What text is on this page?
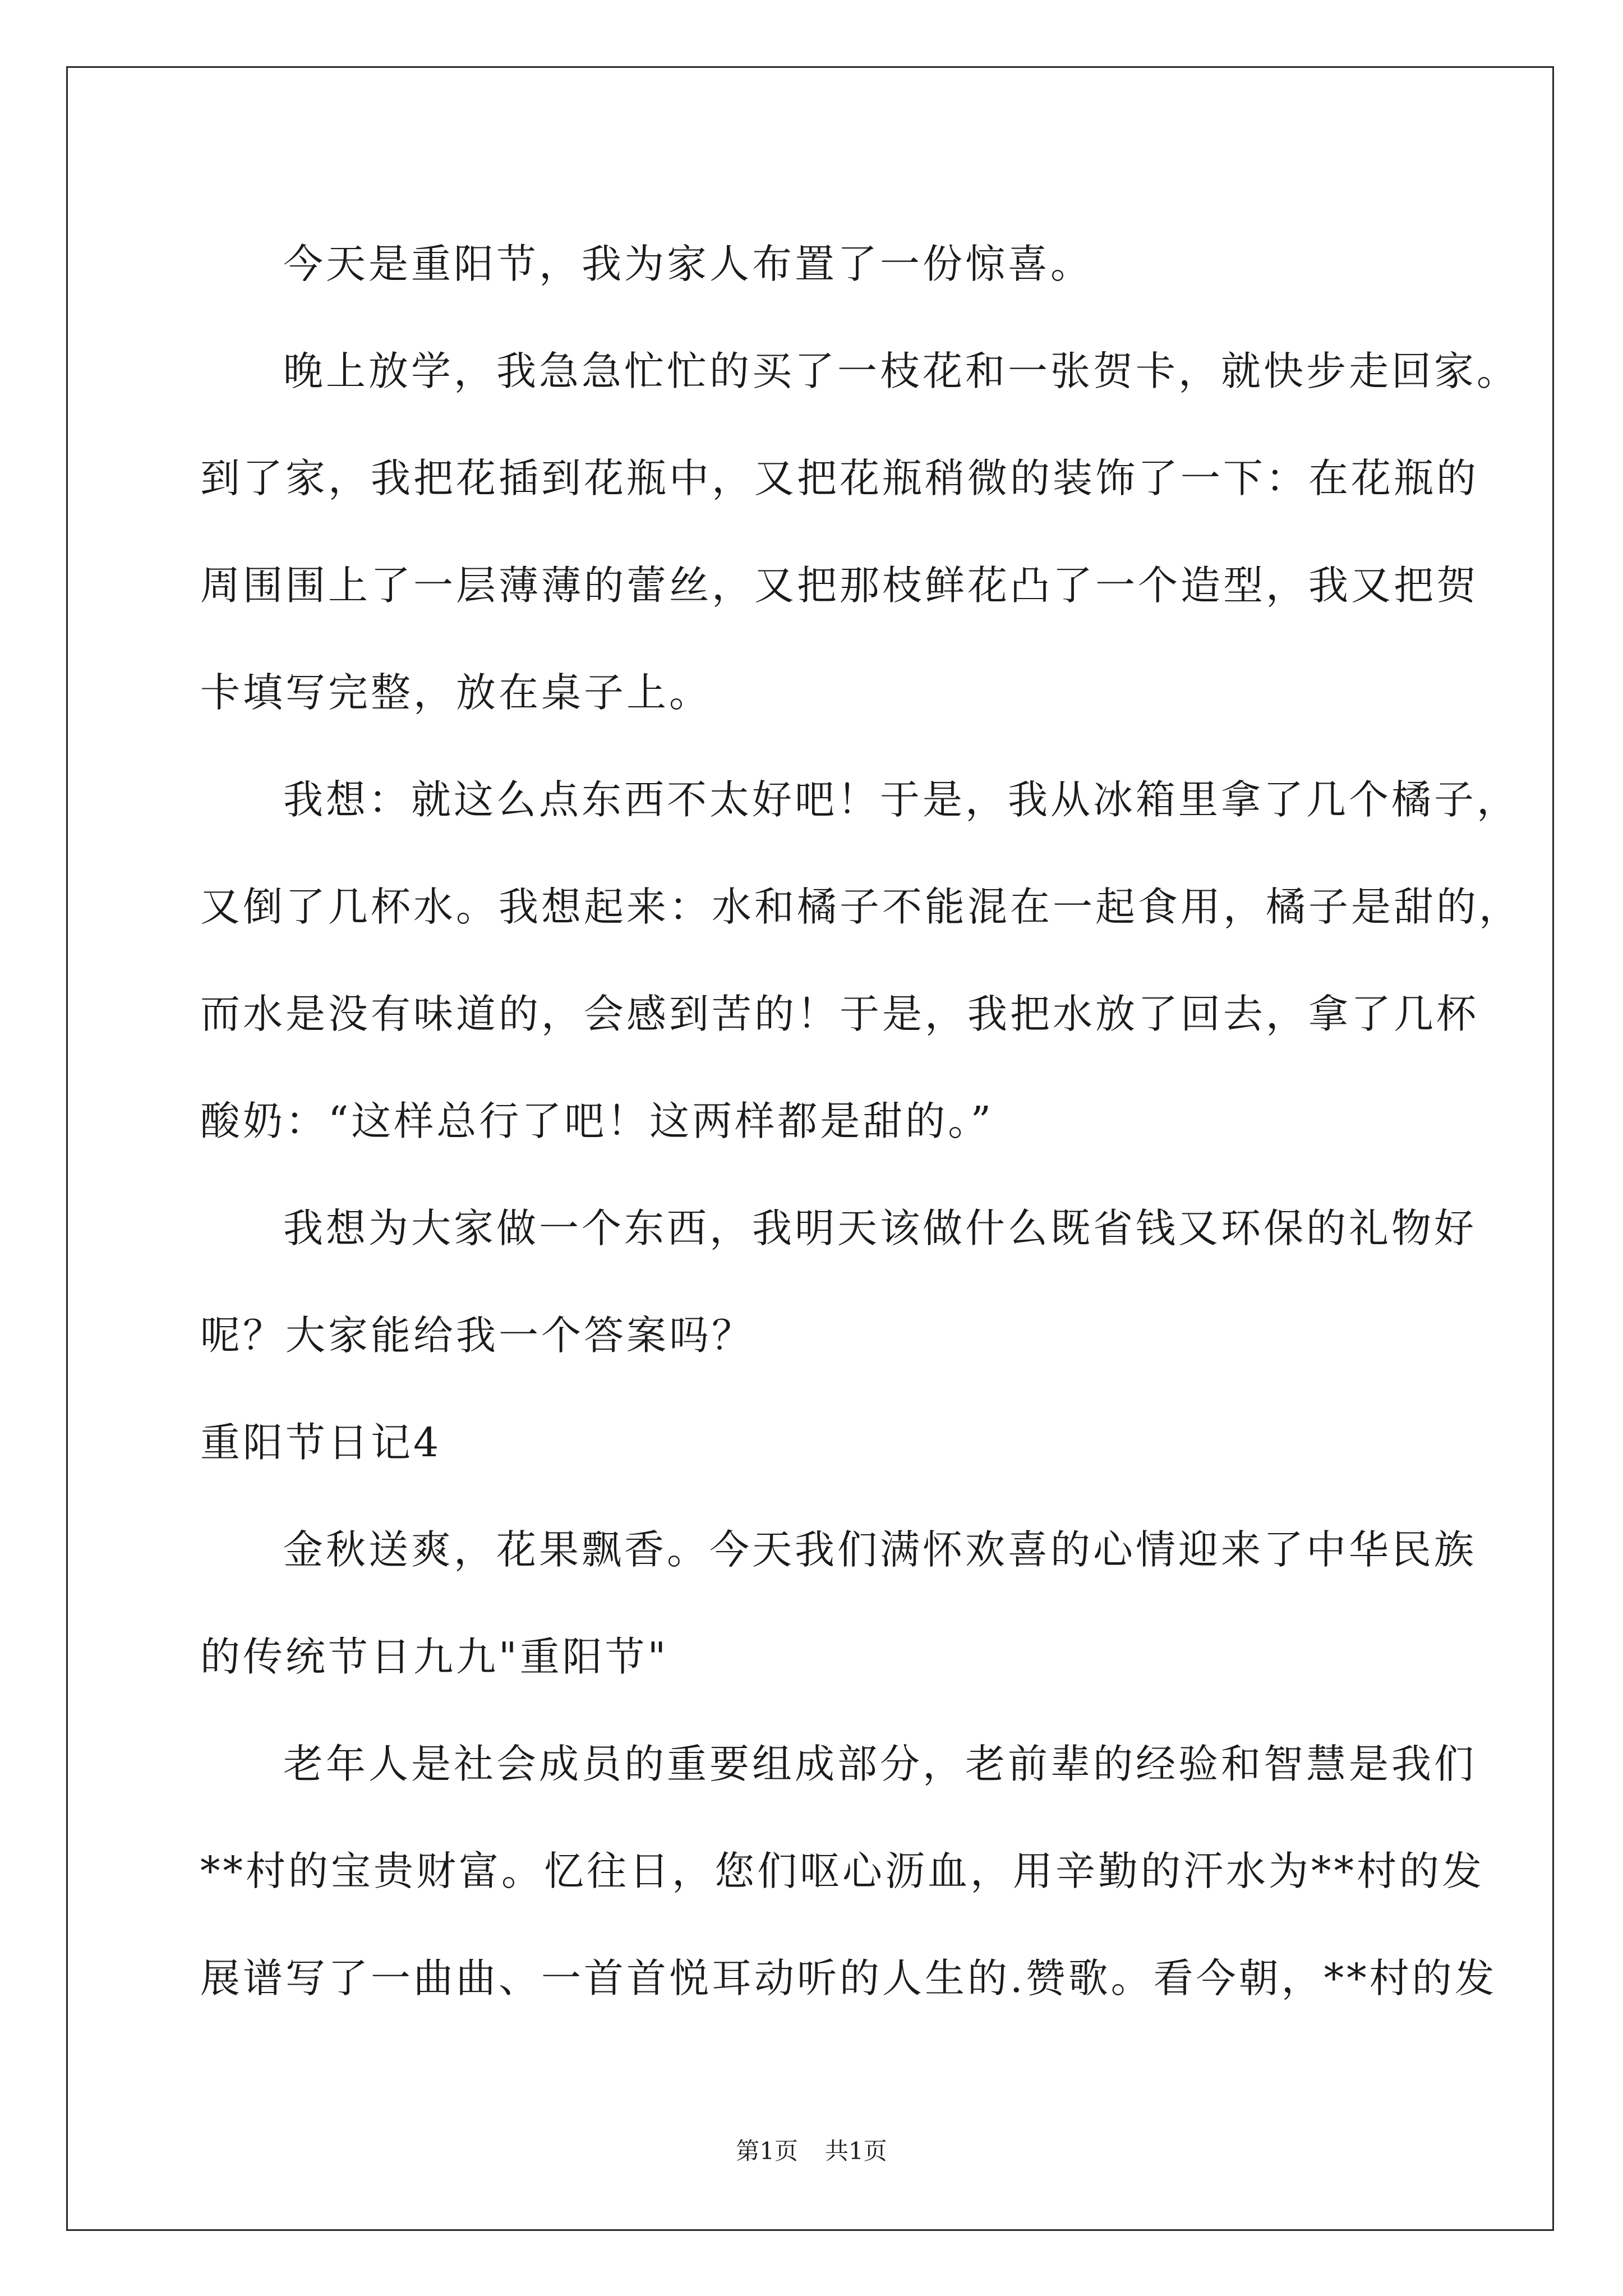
今天是重阳节，我为家人布置了一份惊喜。

晚上放学，我急急忙忙的买了一枝花和一张贺卡，就快步走回家。

到了家，我把花插到花瓶中，又把花瓶稍微的装饰了一下：在花瓶的

周围围上了一层薄薄的蕾丝，又把那枝鲜花凸了一个造型，我又把贺

卡填写完整，放在桌子上。

我想：就这么点东西不太好吧！于是，我从冰箱里拿了几个橘子，

又倒了几杯水。我想起来：水和橘子不能混在一起食用，橘子是甜的，

而水是没有味道的，会感到苦的！于是，我把水放了回去，拿了几杯

酸奶：“这样总行了吧！这两样都是甜的。”

我想为大家做一个东西，我明天该做什么既省钱又环保的礼物好

呢？大家能给我一个答案吗？

重阳节日记4

金秋送爽，花果飘香。今天我们满怀欢喜的心情迎来了中华民族

的传统节日九九"重阳节"

老年人是社会成员的重要组成部分，老前辈的经验和智慧是我们

**村的宝贵财富。忆往日，您们呕心沥血，用辛勤的汗水为**村的发

展谱写了一曲曲、一首首悦耳动听的人生的.赞歌。看今朝，**村的发

第1页 共1页
